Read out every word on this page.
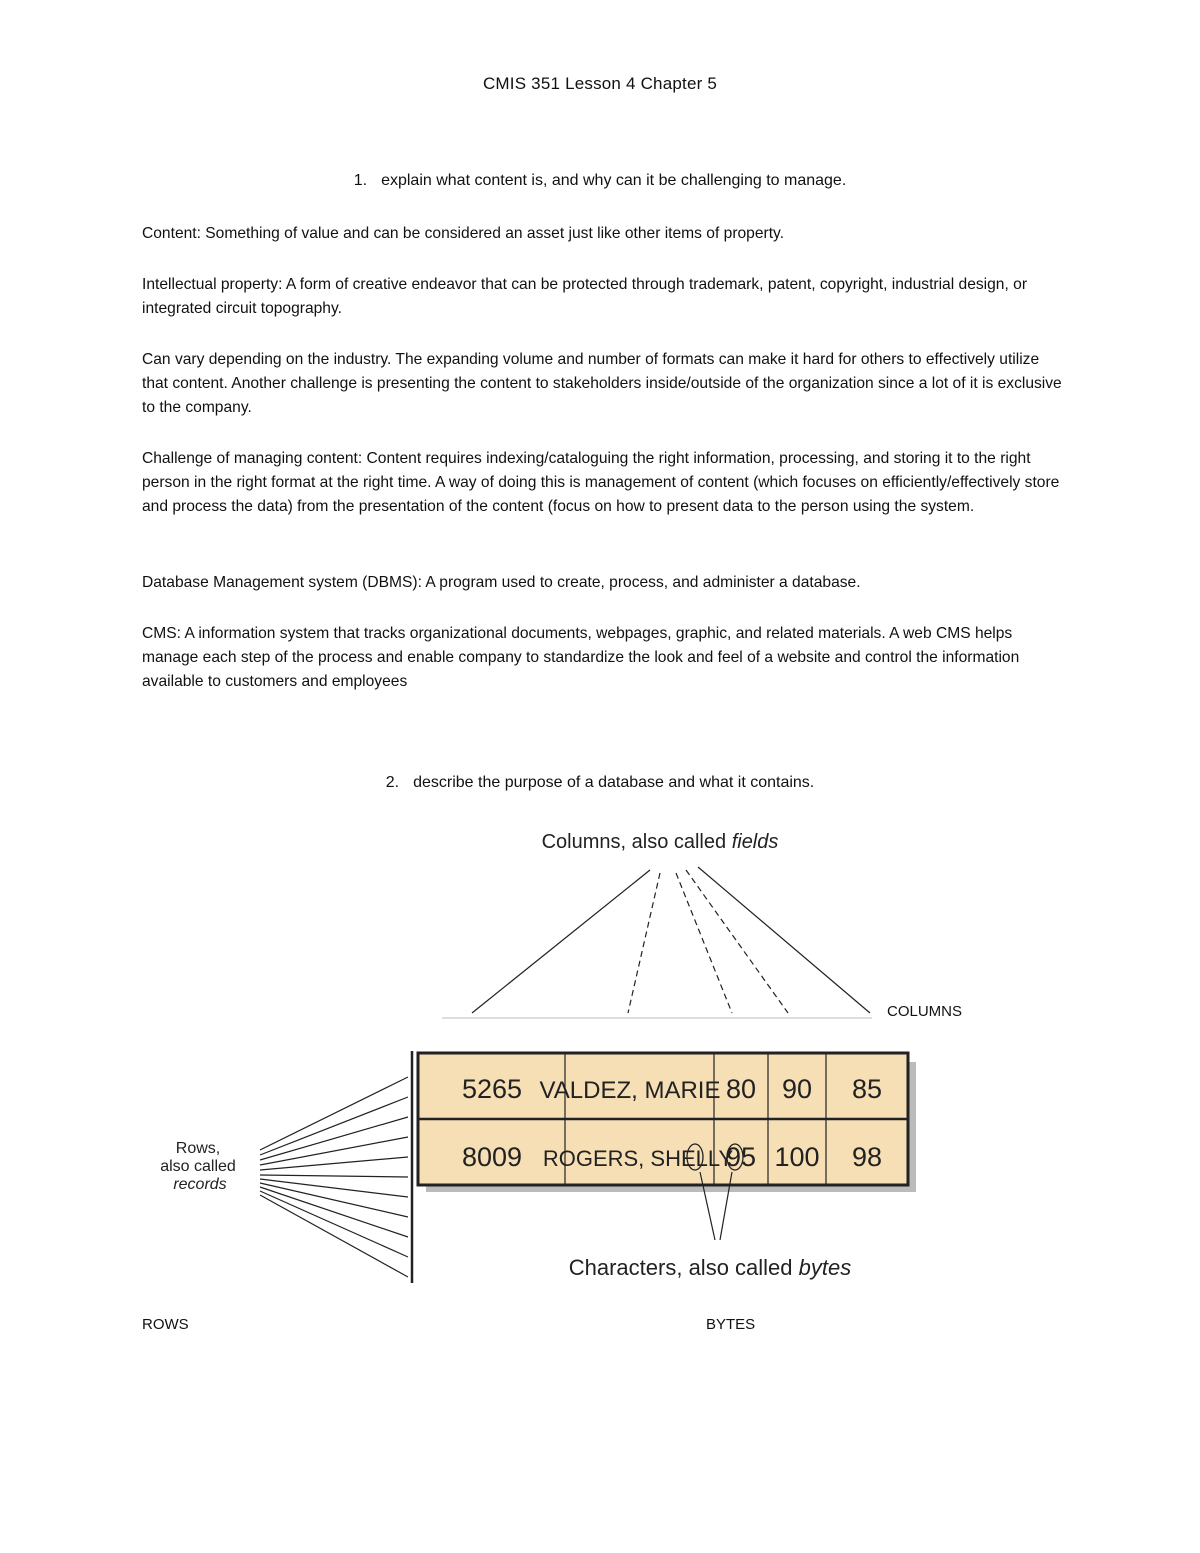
CMIS 351 Lesson 4 Chapter 5
1. explain what content is, and why can it be challenging to manage.
Content: Something of value and can be considered an asset just like other items of property.
Intellectual property: A form of creative endeavor that can be protected through trademark, patent, copyright, industrial design, or integrated circuit topography.
Can vary depending on the industry. The expanding volume and number of formats can make it hard for others to effectively utilize that content. Another challenge is presenting the content to stakeholders inside/outside of the organization since a lot of it is exclusive to the company.
Challenge of managing content: Content requires indexing/cataloguing the right information, processing, and storing it to the right person in the right format at the right time. A way of doing this is management of content (which focuses on efficiently/effectively store and process the data) from the presentation of the content (focus on how to present data to the person using the system.
Database Management system (DBMS): A program used to create, process, and administer a database.
CMS: A information system that tracks organizational documents, webpages, graphic, and related materials. A web CMS helps manage each step of the process and enable company to standardize the look and feel of a website and control the information available to customers and employees
2. describe the purpose of a database and what it contains.
5265 VALDEZ, MARIE 80 90 85
8009 ROGERS, SHELLY
95 100 98
Columns, also called fields
Rows,
also called
records
Characters, also called bytes
COLUMNS
ROWS	BYTES
